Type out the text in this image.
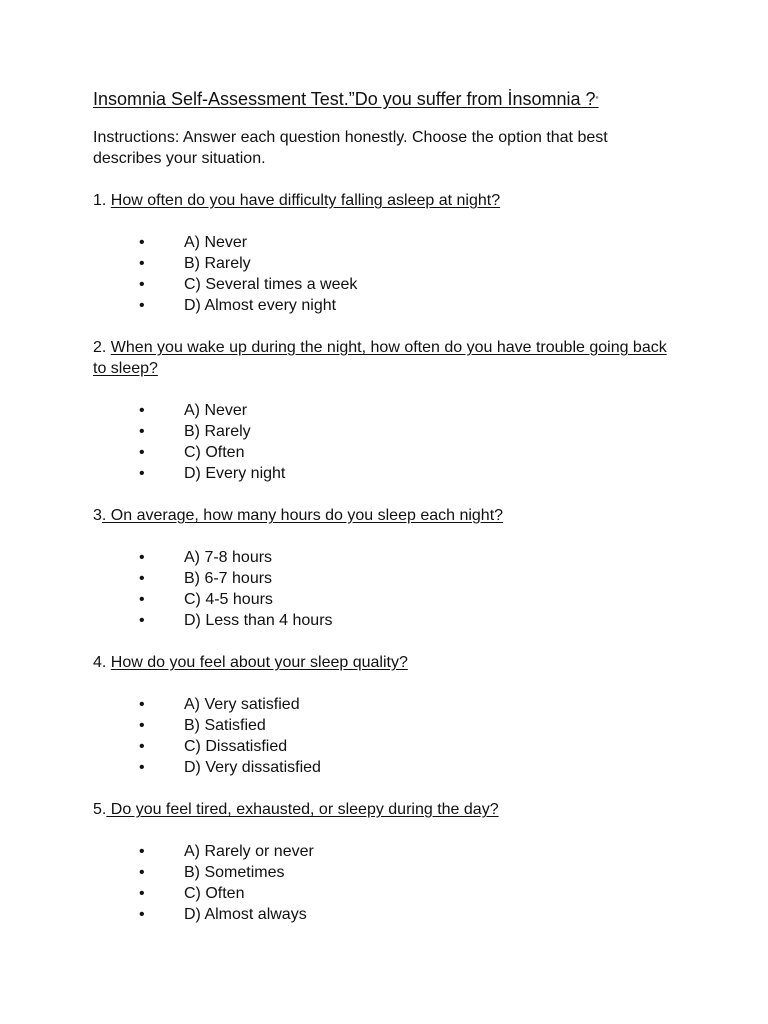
Insomnia Self-Assessment Test.”Do you suffer from İnsomnia ?”

Instructions: Answer each question honestly. Choose the option that best describes your situation.

1. How often do you have difficulty falling asleep at night?

• A) Never
• B) Rarely
• C) Several times a week
• D) Almost every night

2. When you wake up during the night, how often do you have trouble going back to sleep?

• A) Never
• B) Rarely
• C) Often
• D) Every night

3. On average, how many hours do you sleep each night?

• A) 7-8 hours
• B) 6-7 hours
• C) 4-5 hours
• D) Less than 4 hours

4. How do you feel about your sleep quality?

• A) Very satisfied
• B) Satisfied
• C) Dissatisfied
• D) Very dissatisfied

5. Do you feel tired, exhausted, or sleepy during the day?

• A) Rarely or never
• B) Sometimes
• C) Often
• D) Almost always
